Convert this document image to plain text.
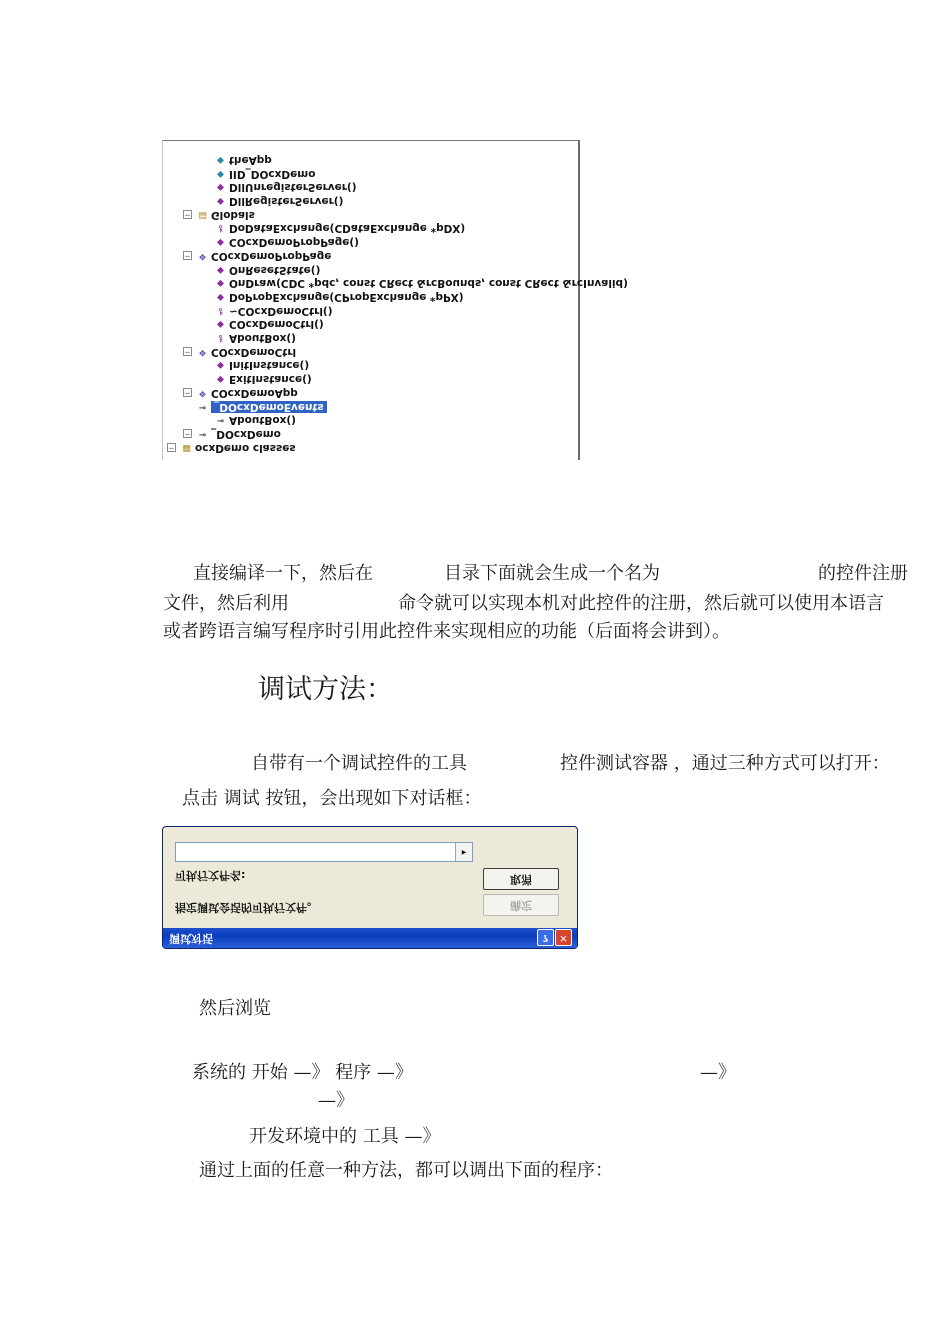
◆ theApp
◆ IID_DOcxDemo
◆ DllUnregisterServer()
◆ DllRegisterServer()
▤ Globals
−
⚷ DoDataExchange(CDataExchange *pDX)
◆ COcxDemoPropPage()
❖ COcxDemoPropPage
−
◆ OnResetState()
◆ OnDraw(CDC *pdc, const CRect &rcBounds, const CRect &rcInvalid)
◆ DoPropExchange(CPropExchange *pPX)
⚷ ~COcxDemoCtrl()
◆ COcxDemoCtrl()
⚷ AboutBox()
❖ COcxDemoCtrl
−
◆ InitInstance()
◆ ExitInstance()
❖ COcxDemoApp
−
⊸ _DOcxDemoEvents
⊸ AboutBox()
⊸ _DOcxDemo
−
▦ ocxDemo classes
−
直接编译一下，然后在	目录下面就会生成一个名为	的控件注册
文件，然后利用	命令就可以实现本机对此控件的注册，然后就可以使用本语言
或者跨语言编写程序时引用此控件来实现相应的功能（后面将会讲到）。
调试方法：
自带有一个调试控件的工具	控件测试容器 ，通过三种方式可以打开：
点击 调试 按钮，会出现如下对话框：
调试对话	?	✕
指定调试会话的可执行文件。	确定
取消
可执行文件名:
▸
然后浏览
系统的 开始 —》 程序 —》	—》
—》
开发环境中的 工具 —》
通过上面的任意一种方法，都可以调出下面的程序：
